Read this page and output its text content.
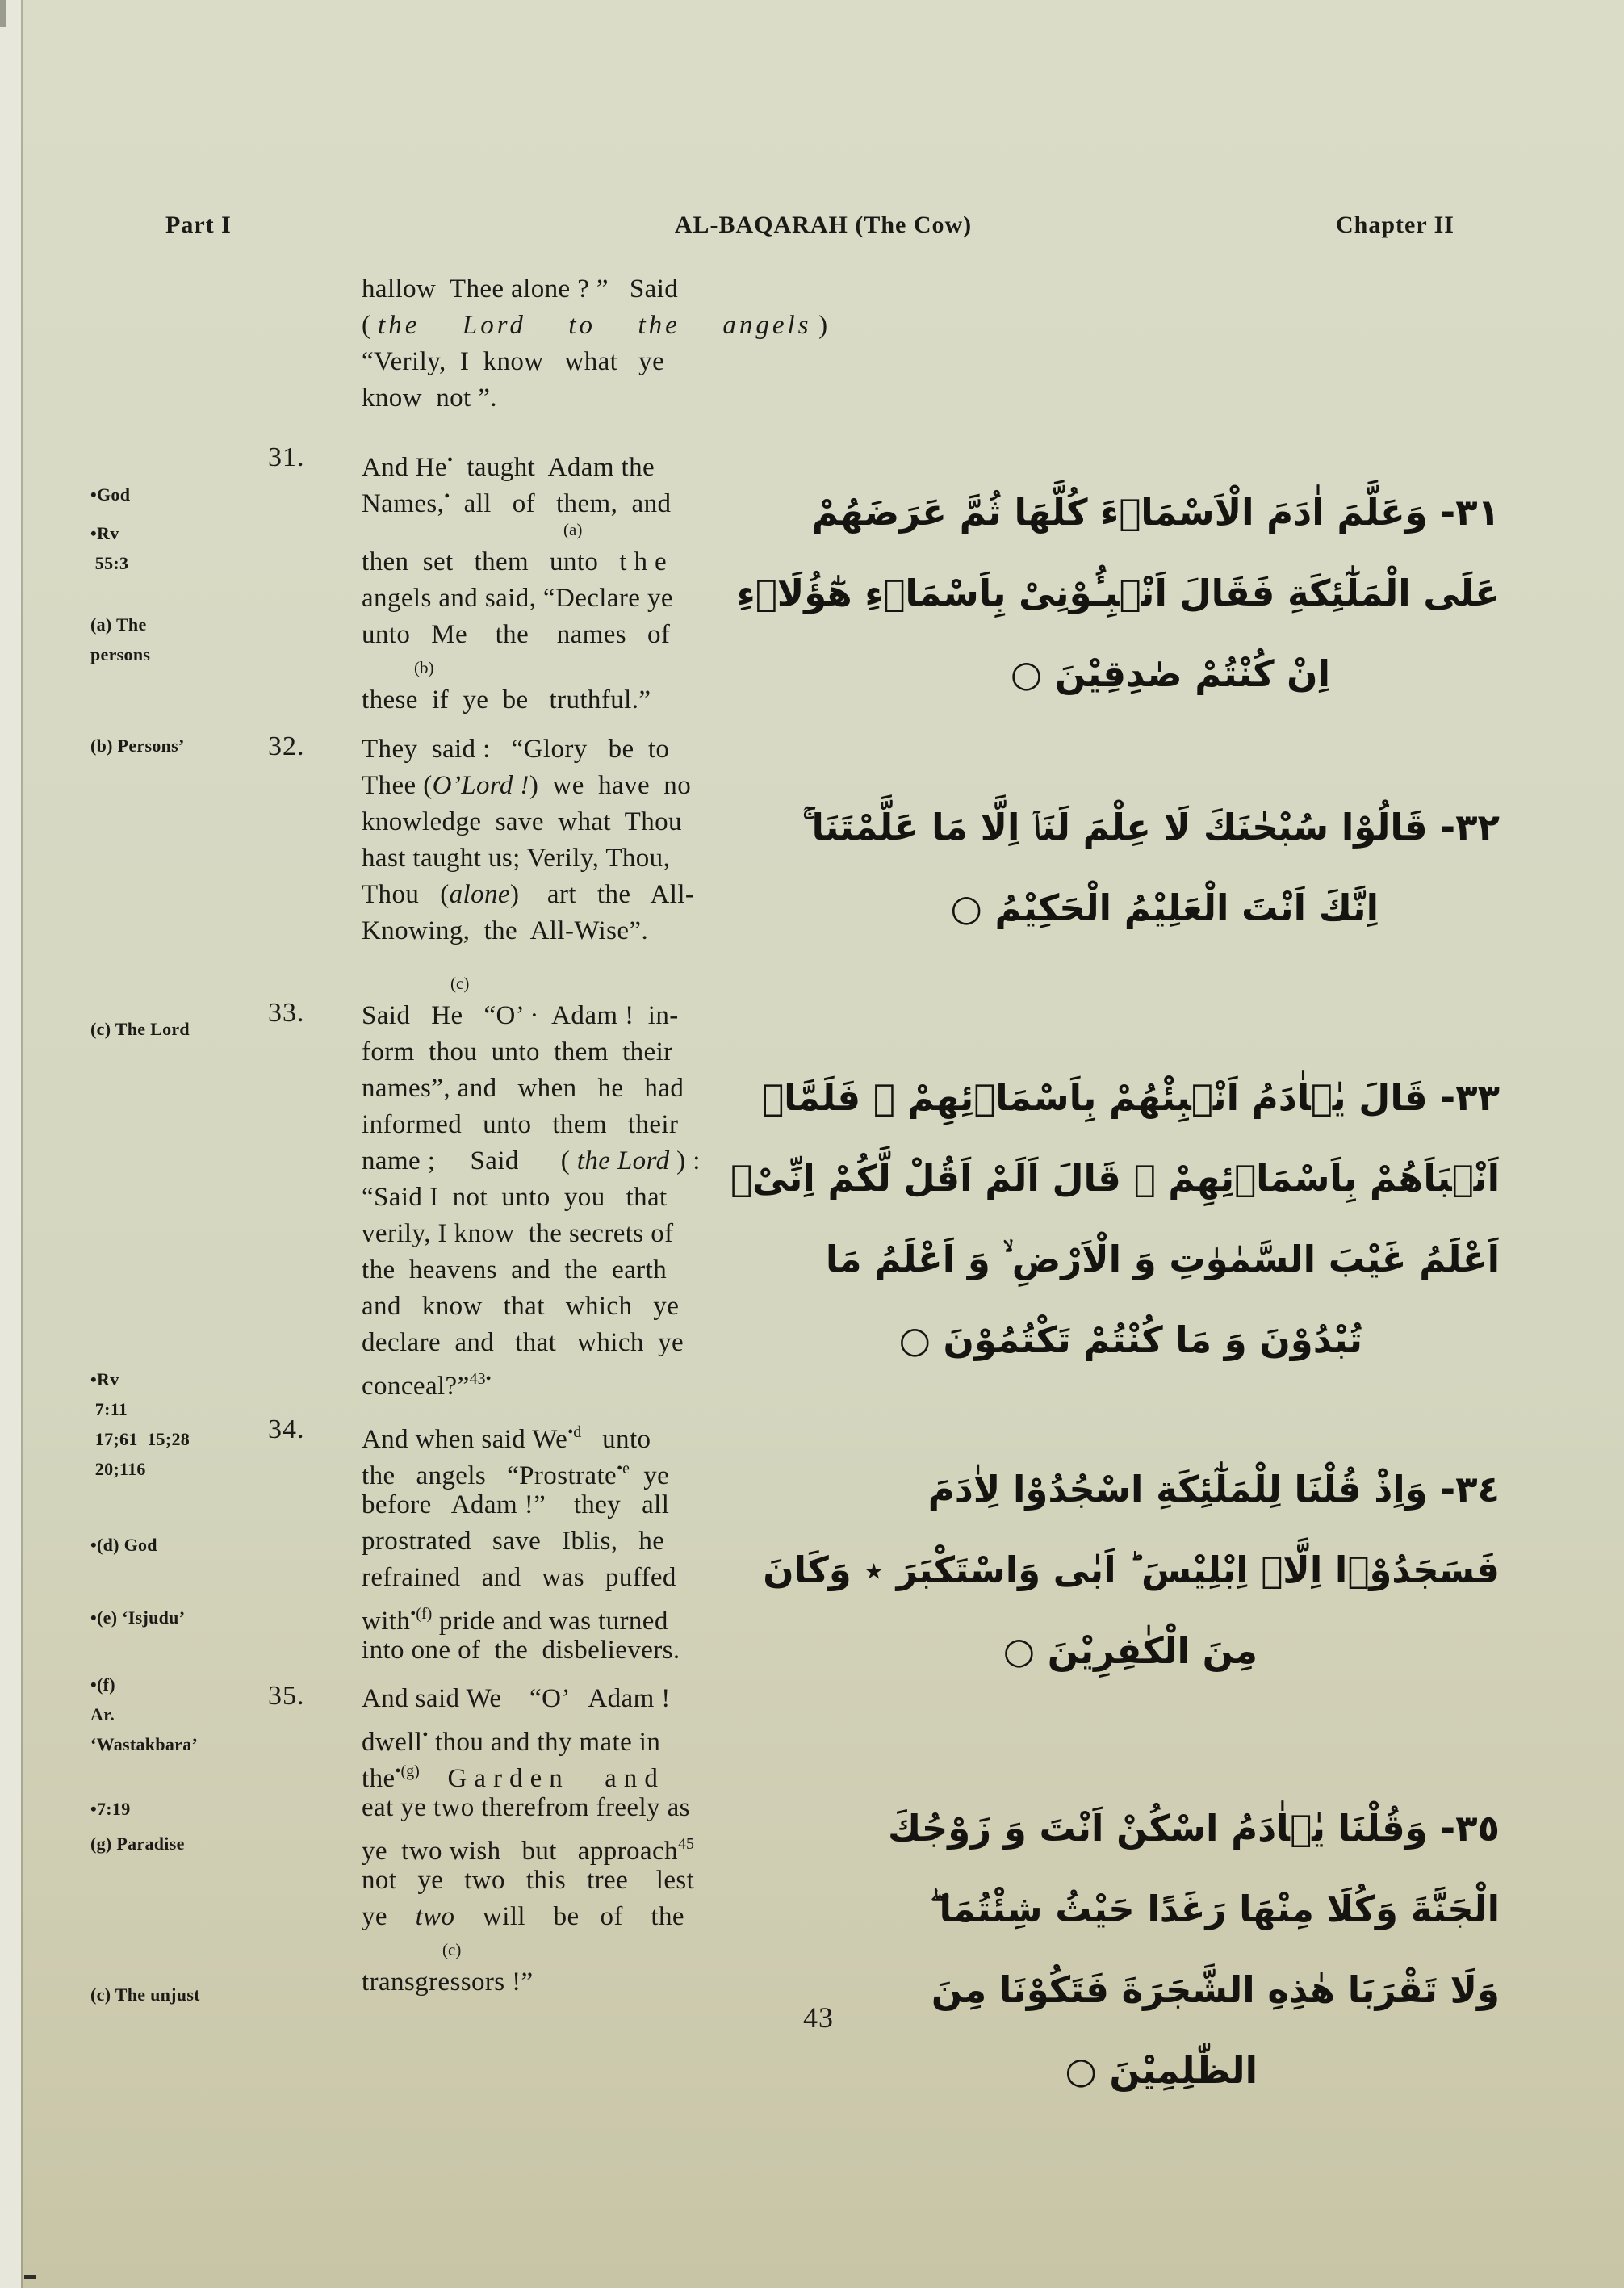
Part I	AL-BAQARAH (The Cow)	Chapter II
•God
•Rv
55:3
(a) The
persons
(b) Persons’
(c) The Lord
•Rv
7:11
17;61  15;28
20;116
•(d) God
•(e) ‘Isjudu’
•(f)
Ar.
‘Wastakbara’
•7:19
(g) Paradise
(c) The unjust
hallow  Thee alone ? ”   Said
( the  Lord  to  the  angels )
“Verily,  I  know   what   ye
know  not ”.
31. And He•  taught  Adam the
Names,•  all   of   them,  and
(a)
then  set   them   unto   t h e
angels and said, “Declare ye
unto   Me    the    names   of
(b)
these  if  ye  be   truthful.”
32. They  said :   “Glory   be  to
Thee (O’Lord !)  we  have  no
knowledge  save  what  Thou
hast taught us; Verily, Thou,
Thou   (alone)    art   the   All-
Knowing,  the  All-Wise”.
33.
(c)
Said   He   “O’ ·  Adam !  in-
form  thou  unto  them  their
names”, and   when   he   had
informed   unto   them   their
name ;     Said      ( the Lord ) :
“Said I  not  unto  you   that
verily, I know  the secrets of
the  heavens  and  the  earth
and   know   that   which   ye
declare  and   that   which  ye
conceal?”$^{43•}$
34. And when said $We^{•d}$   unto
the   angels   “Prostrate$^{•e}$  ye
before   Adam !”    they   all
prostrated   save   Iblis,   he
refrained   and   was   puffed
with$^{•(f)}$ pride and was turned
into one of  the  disbelievers.
35. And said We    “O’   Adam !
dwell• thou and thy mate in
the$^{•(g)}$    G a r d e n      a n d
eat ye two therefrom freely as
ye  two wish   but   approach$^{45}$
not   ye   two   this   tree    lest
ye    two    will    be   of    the
(c)
transgressors !”
٣١- وَعَلَّمَ اٰدَمَ الْاَسْمَاۤءَ كُلَّهَا ثُمَّ عَرَضَهُمْ
عَلَى الْمَلٰٓئِكَةِ فَقَالَ اَنْۢبِـُٔوْنِىْ بِاَسْمَاۤءِ هٰٓؤُلَاۤءِ
اِنْ كُنْتُمْ صٰدِقِيْنَ ○
٣٢- قَالُوْا سُبْحٰنَكَ لَا عِلْمَ لَنَاۤ اِلَّا مَا عَلَّمْتَنَا ۚ
اِنَّكَ اَنْتَ الْعَلِيْمُ الْحَكِيْمُ ○
٣٣- قَالَ يٰۤاٰدَمُ اَنْۢبِئْهُمْ بِاَسْمَاۤئِهِمْ ۚ فَلَمَّاۤ
اَنْۢبَاَهُمْ بِاَسْمَاۤئِهِمْ ۙ قَالَ اَلَمْ اَقُلْ لَّكُمْ اِنِّىْۤ
اَعْلَمُ غَيْبَ السَّمٰوٰتِ وَ الْاَرْضِ ۙ وَ اَعْلَمُ مَا
تُبْدُوْنَ وَ مَا كُنْتُمْ تَكْتُمُوْنَ ○
٣٤- وَاِذْ قُلْنَا لِلْمَلٰٓئِكَةِ اسْجُدُوْا لِاٰدَمَ
فَسَجَدُوْۤا اِلَّاۤ اِبْلِيْسَ ؕ اَبٰى وَاسْتَكْبَرَ ٭ وَكَانَ
مِنَ الْكٰفِرِيْنَ ○
٣٥- وَقُلْنَا يٰۤاٰدَمُ اسْكُنْ اَنْتَ وَ زَوْجُكَ
الْجَنَّةَ وَكُلَا مِنْهَا رَغَدًا حَيْثُ شِئْتُمَا ۖ
وَلَا تَقْرَبَا هٰذِهِ الشَّجَرَةَ فَتَكُوْنَا مِنَ
الظّٰلِمِيْنَ ○
43
